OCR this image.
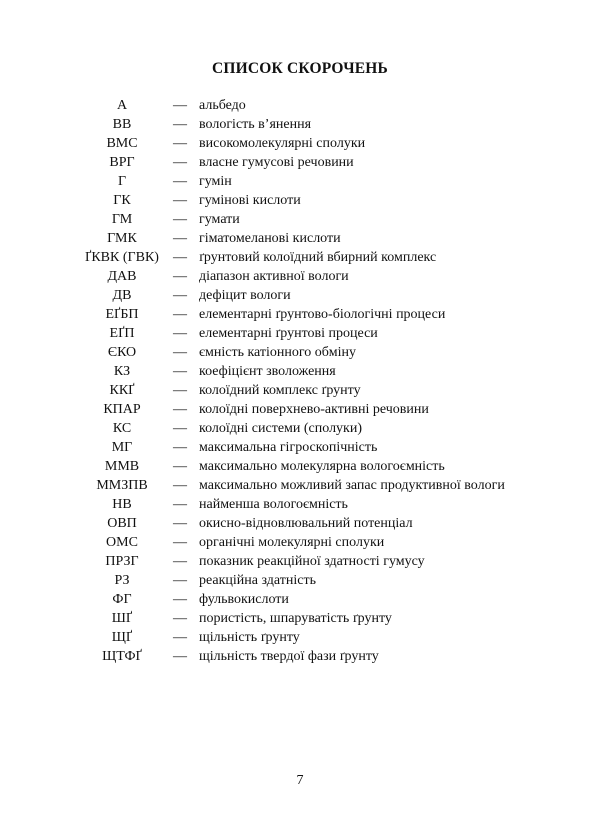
СПИСОК СКОРОЧЕНЬ
А	— альбедо
ВВ	— вологість в’янення
ВМС	— високомолекулярні сполуки
ВРГ	— власне гумусові речовини
Г	— гумін
ГК	— гумінові кислоти
ГМ	— гумати
ГМК	— гіматомеланові кислоти
ҐКВК (ГВК)	— ґрунтовий колоїдний вбирний комплекс
ДАВ	— діапазон активної вологи
ДВ	— дефіцит вологи
ЕҐБП	— елементарні ґрунтово-біологічні процеси
ЕҐП	— елементарні ґрунтові процеси
ЄКО	— ємність катіонного обміну
КЗ	— коефіцієнт зволоження
ККҐ	— колоїдний комплекс ґрунту
КПАР	— колоїдні поверхнево-активні речовини
КС	— колоїдні системи (сполуки)
МГ	— максимальна гігроскопічність
ММВ	— максимально молекулярна вологоємність
ММЗПВ	— максимально можливий запас продуктивної вологи
НВ	— найменша вологоємність
ОВП	— окисно-відновлювальний потенціал
ОМС	— органічні молекулярні сполуки
ПРЗГ	— показник реакційної здатності гумусу
РЗ	— реакційна здатність
ФГ	— фульвокислоти
ШҐ	— пористість, шпаруватість ґрунту
ЩҐ	— щільність ґрунту
ЩТФҐ	— щільність твердої фази ґрунту
7
